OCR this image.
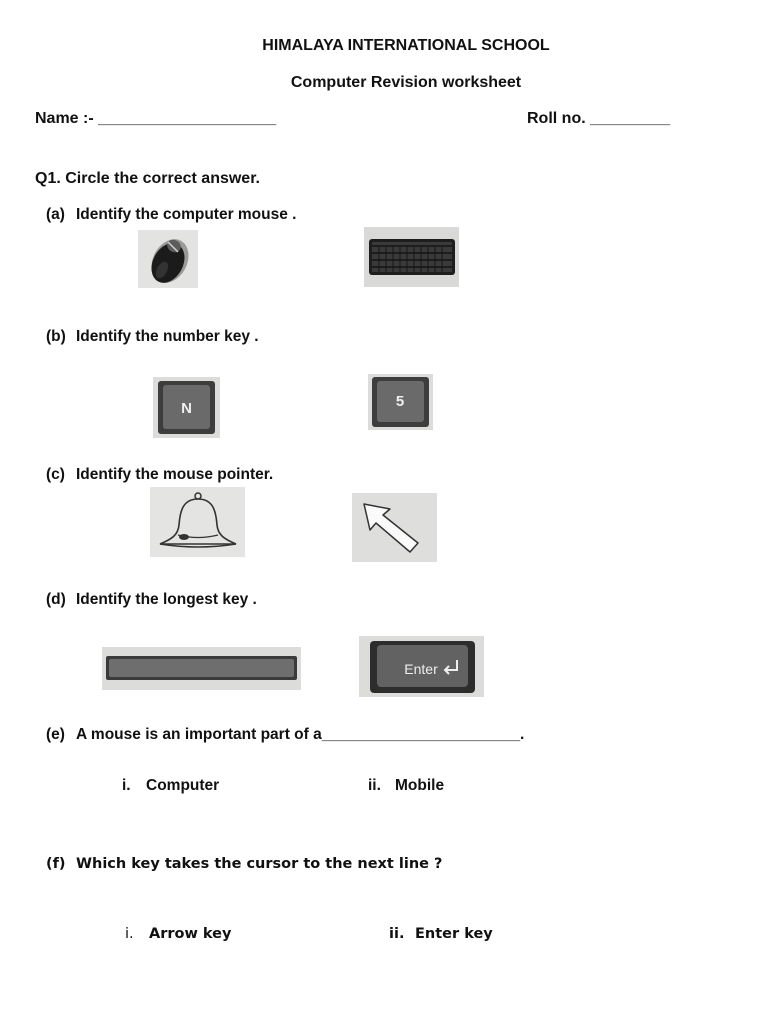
HIMALAYA INTERNATIONAL SCHOOL
Computer Revision worksheet
Name :- ____________________	Roll no. _________
Q1. Circle the correct answer.
(a) Identify the computer mouse .
(b) Identify the number key .
N	5
(c) Identify the mouse pointer.
(d) Identify the longest key .
Enter
(e) A mouse is an important part of a_______________________.
i. Computer	ii. Mobile
(f) Which key takes the cursor to the next line ?
i. Arrow key	ii. Enter key
